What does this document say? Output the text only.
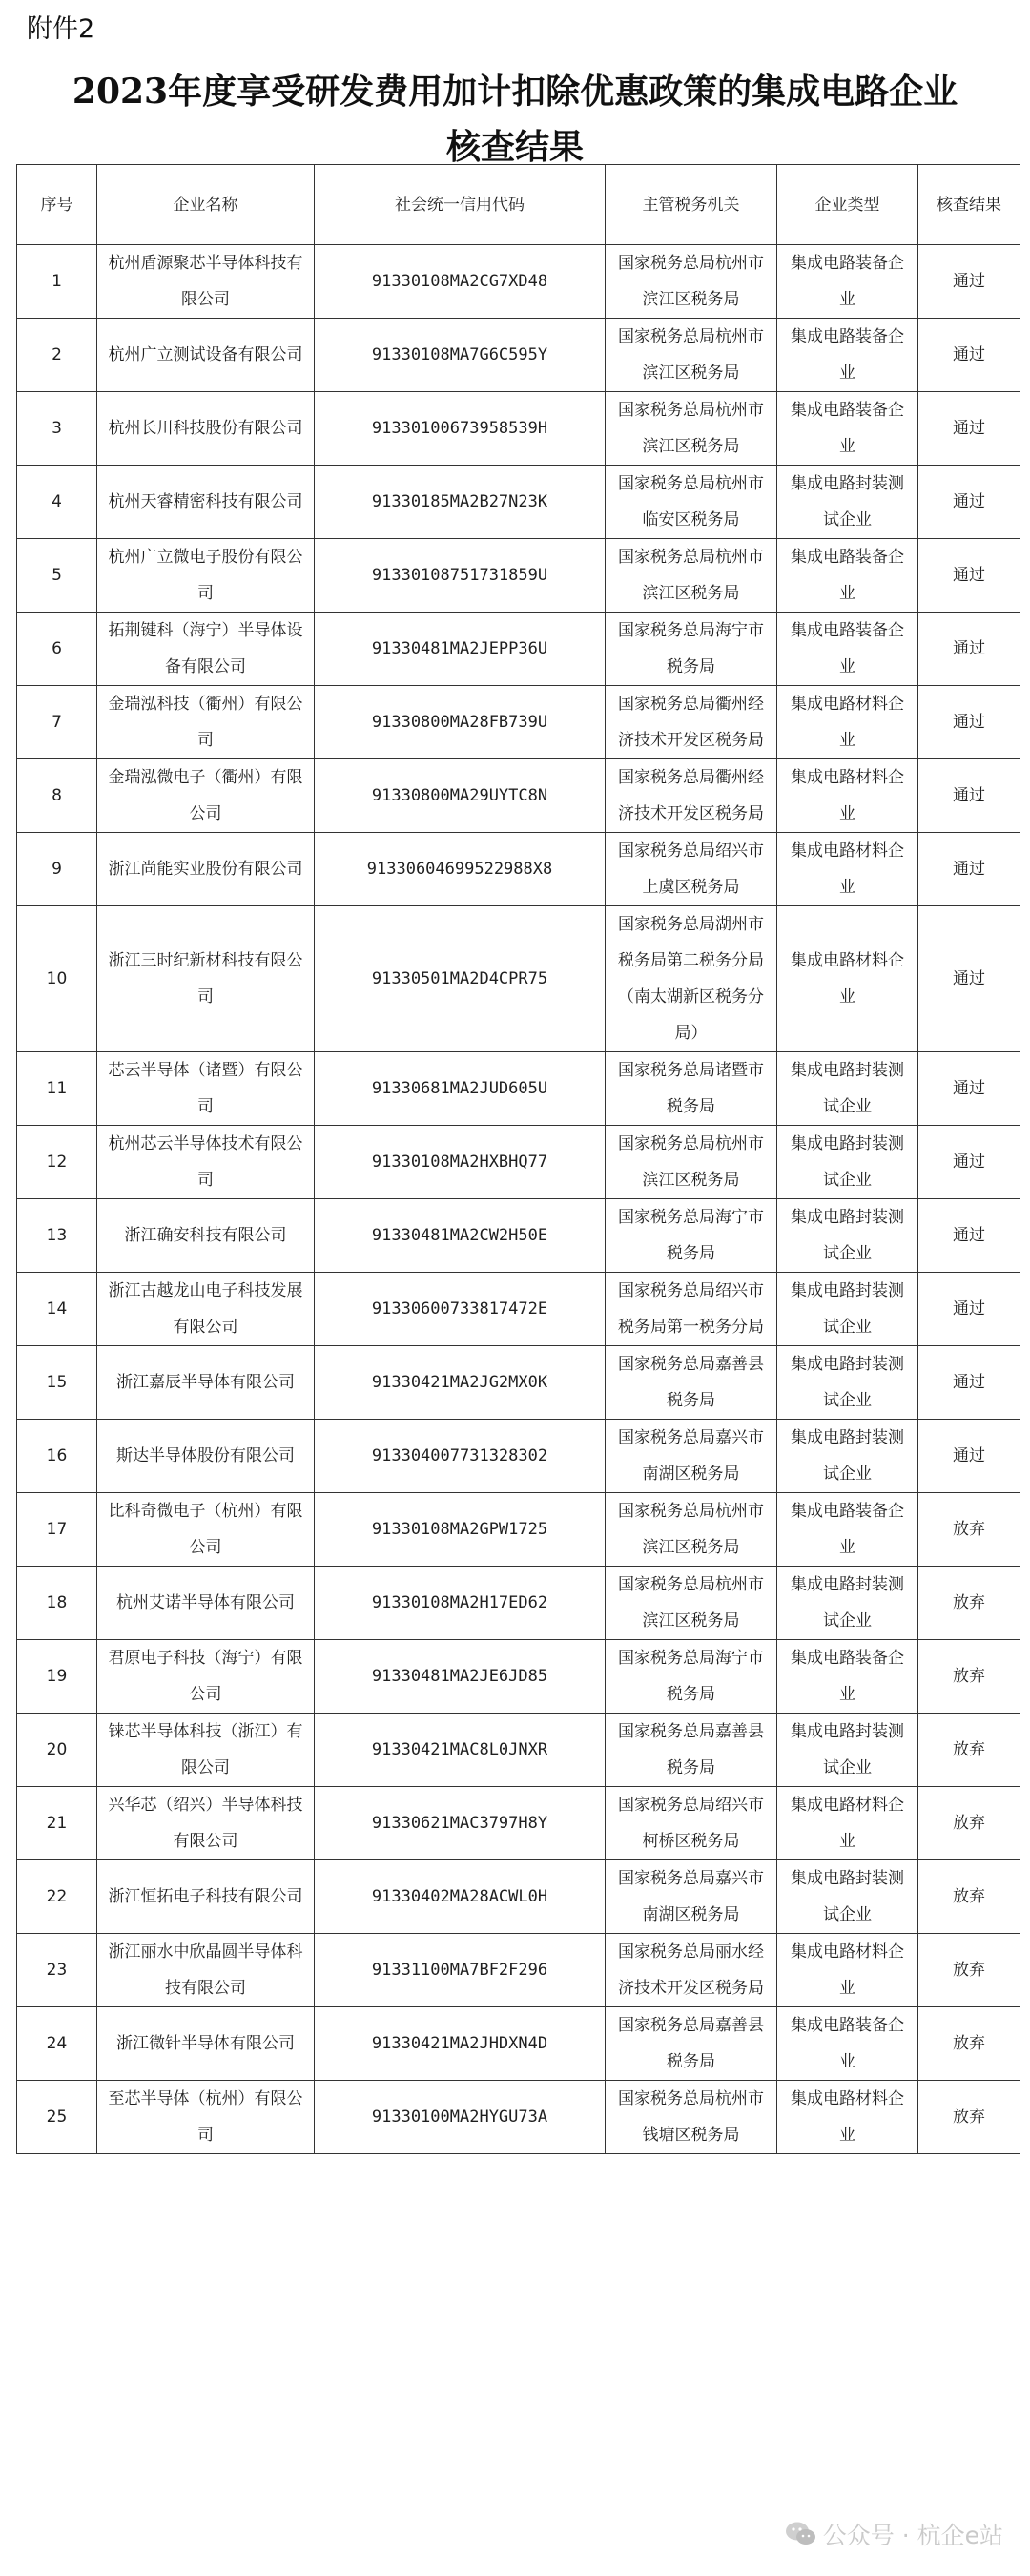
附件2
2023年度享受研发费用加计扣除优惠政策的集成电路企业
核查结果
序号	企业名称	社会统一信用代码	主管税务机关	企业类型	核查结果
1	杭州盾源聚芯半导体科技有限公司	91330108MA2CG7XD48	国家税务总局杭州市滨江区税务局	集成电路装备企业	通过
2	杭州广立测试设备有限公司	91330108MA7G6C595Y	国家税务总局杭州市滨江区税务局	集成电路装备企业	通过
3	杭州长川科技股份有限公司	91330100673958539H	国家税务总局杭州市滨江区税务局	集成电路装备企业	通过
4	杭州天睿精密科技有限公司	91330185MA2B27N23K	国家税务总局杭州市临安区税务局	集成电路封装测试企业	通过
5	杭州广立微电子股份有限公司	91330108751731859U	国家税务总局杭州市滨江区税务局	集成电路装备企业	通过
6	拓荆键科（海宁）半导体设备有限公司	91330481MA2JEPP36U	国家税务总局海宁市税务局	集成电路装备企业	通过
7	金瑞泓科技（衢州）有限公司	91330800MA28FB739U	国家税务总局衢州经济技术开发区税务局	集成电路材料企业	通过
8	金瑞泓微电子（衢州）有限公司	91330800MA29UYTC8N	国家税务总局衢州经济技术开发区税务局	集成电路材料企业	通过
9	浙江尚能实业股份有限公司	91330604699522988X8	国家税务总局绍兴市上虞区税务局	集成电路材料企业	通过
10	浙江三时纪新材科技有限公司	91330501MA2D4CPR75	国家税务总局湖州市税务局第二税务分局（南太湖新区税务分局）	集成电路材料企业	通过
11	芯云半导体（诸暨）有限公司	91330681MA2JUD605U	国家税务总局诸暨市税务局	集成电路封装测试企业	通过
12	杭州芯云半导体技术有限公司	91330108MA2HXBHQ77	国家税务总局杭州市滨江区税务局	集成电路封装测试企业	通过
13	浙江确安科技有限公司	91330481MA2CW2H50E	国家税务总局海宁市税务局	集成电路封装测试企业	通过
14	浙江古越龙山电子科技发展有限公司	91330600733817472E	国家税务总局绍兴市税务局第一税务分局	集成电路封装测试企业	通过
15	浙江嘉辰半导体有限公司	91330421MA2JG2MX0K	国家税务总局嘉善县税务局	集成电路封装测试企业	通过
16	斯达半导体股份有限公司	91330400773132830​2	国家税务总局嘉兴市南湖区税务局	集成电路封装测试企业	通过
17	比科奇微电子（杭州）有限公司	91330108MA2GPW1725	国家税务总局杭州市滨江区税务局	集成电路装备企业	放弃
18	杭州艾诺半导体有限公司	91330108MA2H17ED62	国家税务总局杭州市滨江区税务局	集成电路封装测试企业	放弃
19	君原电子科技（海宁）有限公司	91330481MA2JE6JD85	国家税务总局海宁市税务局	集成电路装备企业	放弃
20	铼芯半导体科技（浙江）有限公司	91330421MAC8L0JNXR	国家税务总局嘉善县税务局	集成电路封装测试企业	放弃
21	兴华芯（绍兴）半导体科技有限公司	91330621MAC3797H8Y	国家税务总局绍兴市柯桥区税务局	集成电路材料企业	放弃
22	浙江恒拓电子科技有限公司	91330402MA28ACWL0H	国家税务总局嘉兴市南湖区税务局	集成电路封装测试企业	放弃
23	浙江丽水中欣晶圆半导体科技有限公司	91331100MA7BF2F296	国家税务总局丽水经济技术开发区税务局	集成电路材料企业	放弃
24	浙江微针半导体有限公司	91330421MA2JHDXN4D	国家税务总局嘉善县税务局	集成电路装备企业	放弃
25	至芯半导体（杭州）有限公司	91330100MA2HYGU73A	国家税务总局杭州市钱塘区税务局	集成电路材料企业	放弃
公众号 · 杭企e站
